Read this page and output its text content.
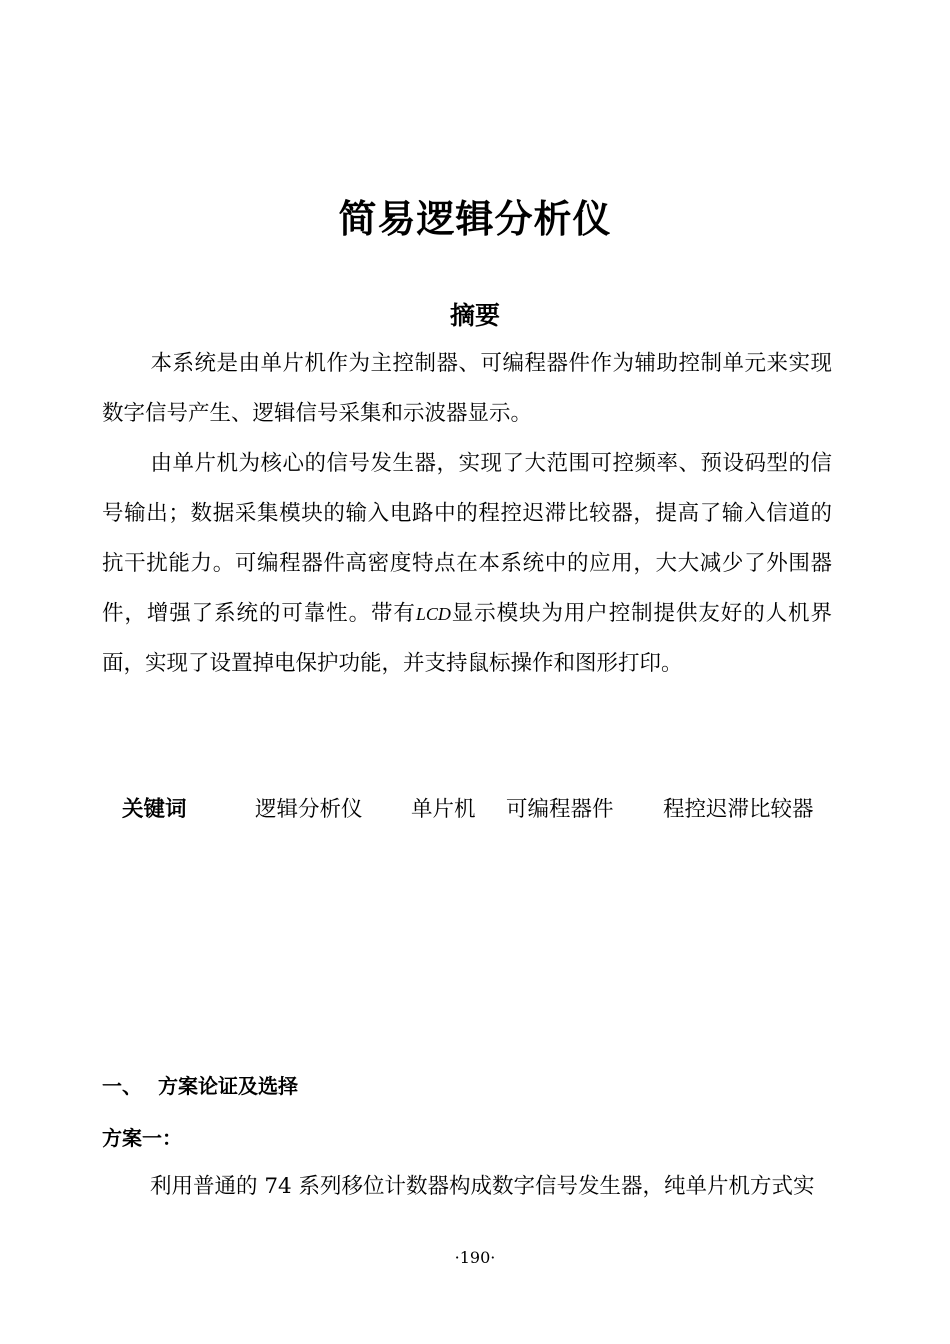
简易逻辑分析仪
摘要

本系统是由单片机作为主控制器、可编程器件作为辅助控制单元来实现数字信号产生、逻辑信号采集和示波器显示。

由单片机为核心的信号发生器，实现了大范围可控频率、预设码型的信号输出；数据采集模块的输入电路中的程控迟滞比较器，提高了输入信道的抗干扰能力。可编程器件高密度特点在本系统中的应用，大大减少了外围器件，增强了系统的可靠性。带有LCD显示模块为用户控制提供友好的人机界面，实现了设置掉电保护功能，并支持鼠标操作和图形打印。

关键词	逻辑分析仪 单片机 可编程器件 程控迟滞比较器
一、 方案论证及选择
方案一：

利用普通的 74 系列移位计数器构成数字信号发生器，纯单片机方式实

·190·
